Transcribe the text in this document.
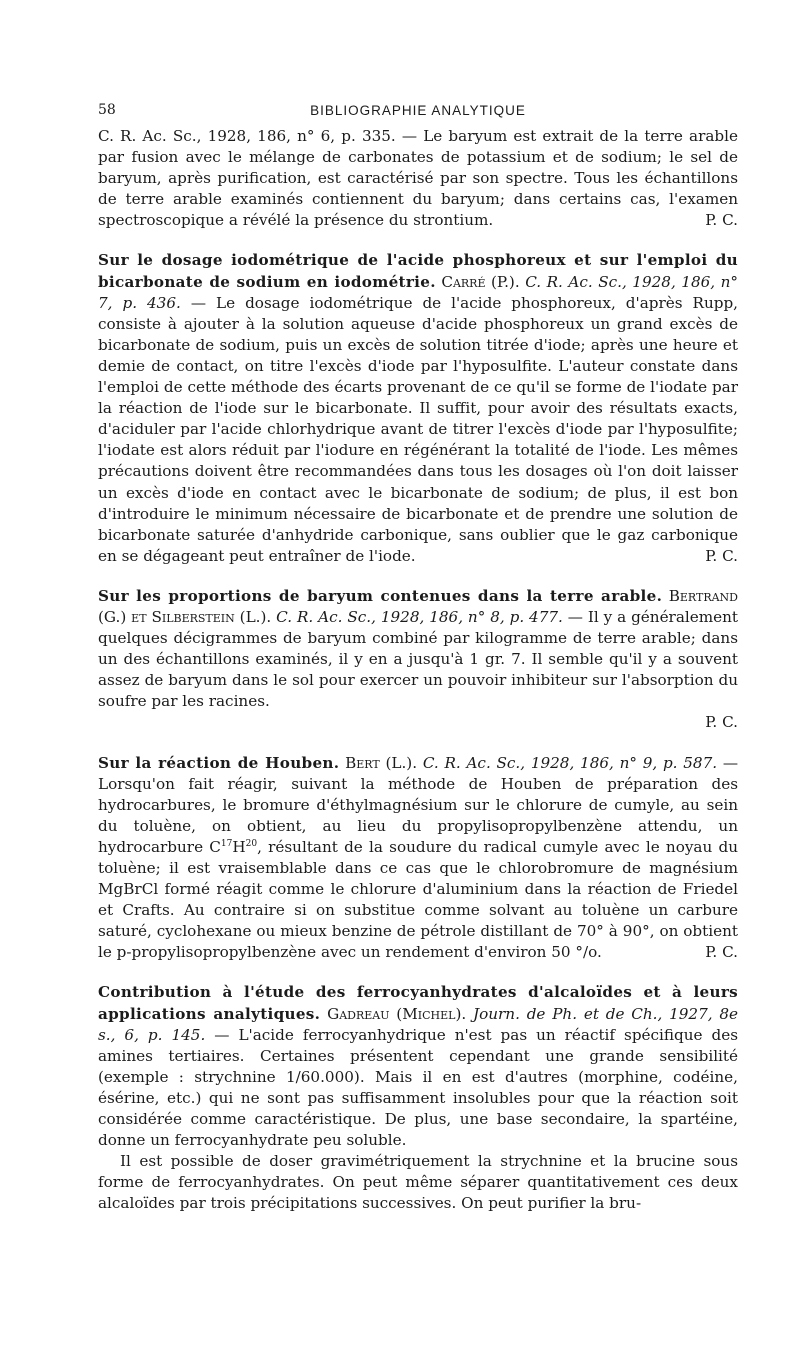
58	BIBLIOGRAPHIE ANALYTIQUE

C. R. Ac. Sc., 1928, 186, n° 6, p. 335. — Le baryum est extrait de la terre arable par fusion avec le mélange de carbonates de potassium et de sodium; le sel de baryum, après purification, est caractérisé par son spectre. Tous les échantillons de terre arable examinés contiennent du baryum; dans certains cas, l'examen spectroscopique a révélé la présence du strontium.	P. C.

Sur le dosage iodométrique de l'acide phosphoreux et sur l'emploi du bicarbonate de sodium en iodométrie. Carré (P.). C. R. Ac. Sc., 1928, 186, n° 7, p. 436. — Le dosage iodométrique de l'acide phosphoreux, d'après Rupp, consiste à ajouter à la solution aqueuse d'acide phosphoreux un grand excès de bicarbonate de sodium, puis un excès de solution titrée d'iode; après une heure et demie de contact, on titre l'excès d'iode par l'hyposulfite. L'auteur constate dans l'emploi de cette méthode des écarts provenant de ce qu'il se forme de l'iodate par la réaction de l'iode sur le bicarbonate. Il suffit, pour avoir des résultats exacts, d'aciduler par l'acide chlorhydrique avant de titrer l'excès d'iode par l'hyposulfite; l'iodate est alors réduit par l'iodure en régénérant la totalité de l'iode. Les mêmes précautions doivent être recommandées dans tous les dosages où l'on doit laisser un excès d'iode en contact avec le bicarbonate de sodium; de plus, il est bon d'introduire le minimum nécessaire de bicarbonate et de prendre une solution de bicarbonate saturée d'anhydride carbonique, sans oublier que le gaz carbonique en se dégageant peut entraîner de l'iode.	P. C.

Sur les proportions de baryum contenues dans la terre arable. Bertrand (G.) et Silberstein (L.). C. R. Ac. Sc., 1928, 186, n° 8, p. 477. — Il y a généralement quelques décigrammes de baryum combiné par kilogramme de terre arable; dans un des échantillons examinés, il y en a jusqu'à 1 gr. 7. Il semble qu'il y a souvent assez de baryum dans le sol pour exercer un pouvoir inhibiteur sur l'absorption du soufre par les racines.

P. C.

Sur la réaction de Houben. Bert (L.). C. R. Ac. Sc., 1928, 186, n° 9, p. 587. — Lorsqu'on fait réagir, suivant la méthode de Houben de préparation des hydrocarbures, le bromure d'éthylmagnésium sur le chlorure de cumyle, au sein du toluène, on obtient, au lieu du propylisopropylbenzène attendu, un hydrocarbure $C^{17}H^{20}$, résultant de la soudure du radical cumyle avec le noyau du toluène; il est vraisemblable dans ce cas que le chlorobromure de magnésium MgBrCl formé réagit comme le chlorure d'aluminium dans la réaction de Friedel et Crafts. Au contraire si on substitue comme solvant au toluène un carbure saturé, cyclohexane ou mieux benzine de pétrole distillant de 70° à 90°, on obtient le p-propylisopropylbenzène avec un rendement d'environ 50 °/o.	P. C.

Contribution à l'étude des ferrocyanhydrates d'alcaloïdes et à leurs applications analytiques. Gadreau (Michel). Journ. de Ph. et de Ch., 1927, 8e s., 6, p. 145. — L'acide ferrocyanhydrique n'est pas un réactif spécifique des amines tertiaires. Certaines présentent cependant une grande sensibilité (exemple : strychnine 1/60.000). Mais il en est d'autres (morphine, codéine, ésérine, etc.) qui ne sont pas suffisamment insolubles pour que la réaction soit considérée comme caractéristique. De plus, une base secondaire, la spartéine, donne un ferrocyanhydrate peu soluble.

Il est possible de doser gravimétriquement la strychnine et la brucine sous forme de ferrocyanhydrates. On peut même séparer quantitativement ces deux alcaloïdes par trois précipitations successives. On peut purifier la bru-
